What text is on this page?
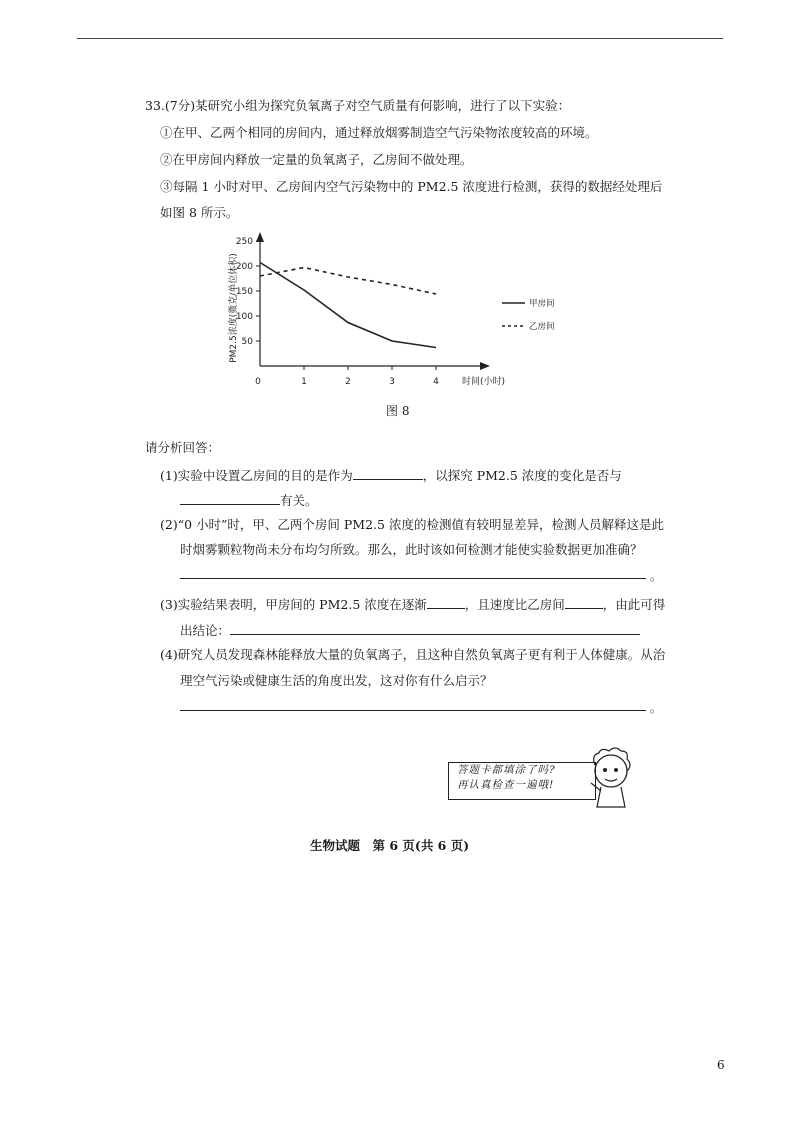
33.(7分)某研究小组为探究负氧离子对空气质量有何影响，进行了以下实验：
①在甲、乙两个相同的房间内，通过释放烟雾制造空气污染物浓度较高的环境。
②在甲房间内释放一定量的负氧离子，乙房间不做处理。
③每隔 1 小时对甲、乙房间内空气污染物中的 PM2.5 浓度进行检测，获得的数据经处理后
如图 8 所示。
PM2.5浓度(微克/单位体积)
时间(小时)
50
100
150
200
250
0	1	2	3	4
甲房间
乙房间
图 8
请分析回答：
(1)实验中设置乙房间的目的是作为	，以探究 PM2.5 浓度的变化是否与
有关。
(2)“0 小时”时，甲、乙两个房间 PM2.5 浓度的检测值有较明显差异，检测人员解释这是此
时烟雾颗粒物尚未分布均匀所致。那么，此时该如何检测才能使实验数据更加准确？
。
(3)实验结果表明，甲房间的 PM2.5 浓度在逐渐	，且速度比乙房间	，由此可得
出结论：
(4)研究人员发现森林能释放大量的负氧离子，且这种自然负氧离子更有利于人体健康。从治
理空气污染或健康生活的角度出发，这对你有什么启示？
。
答题卡都填涂了吗?
再认真检查一遍哦!
生物试题　第 6 页(共 6 页)
6
